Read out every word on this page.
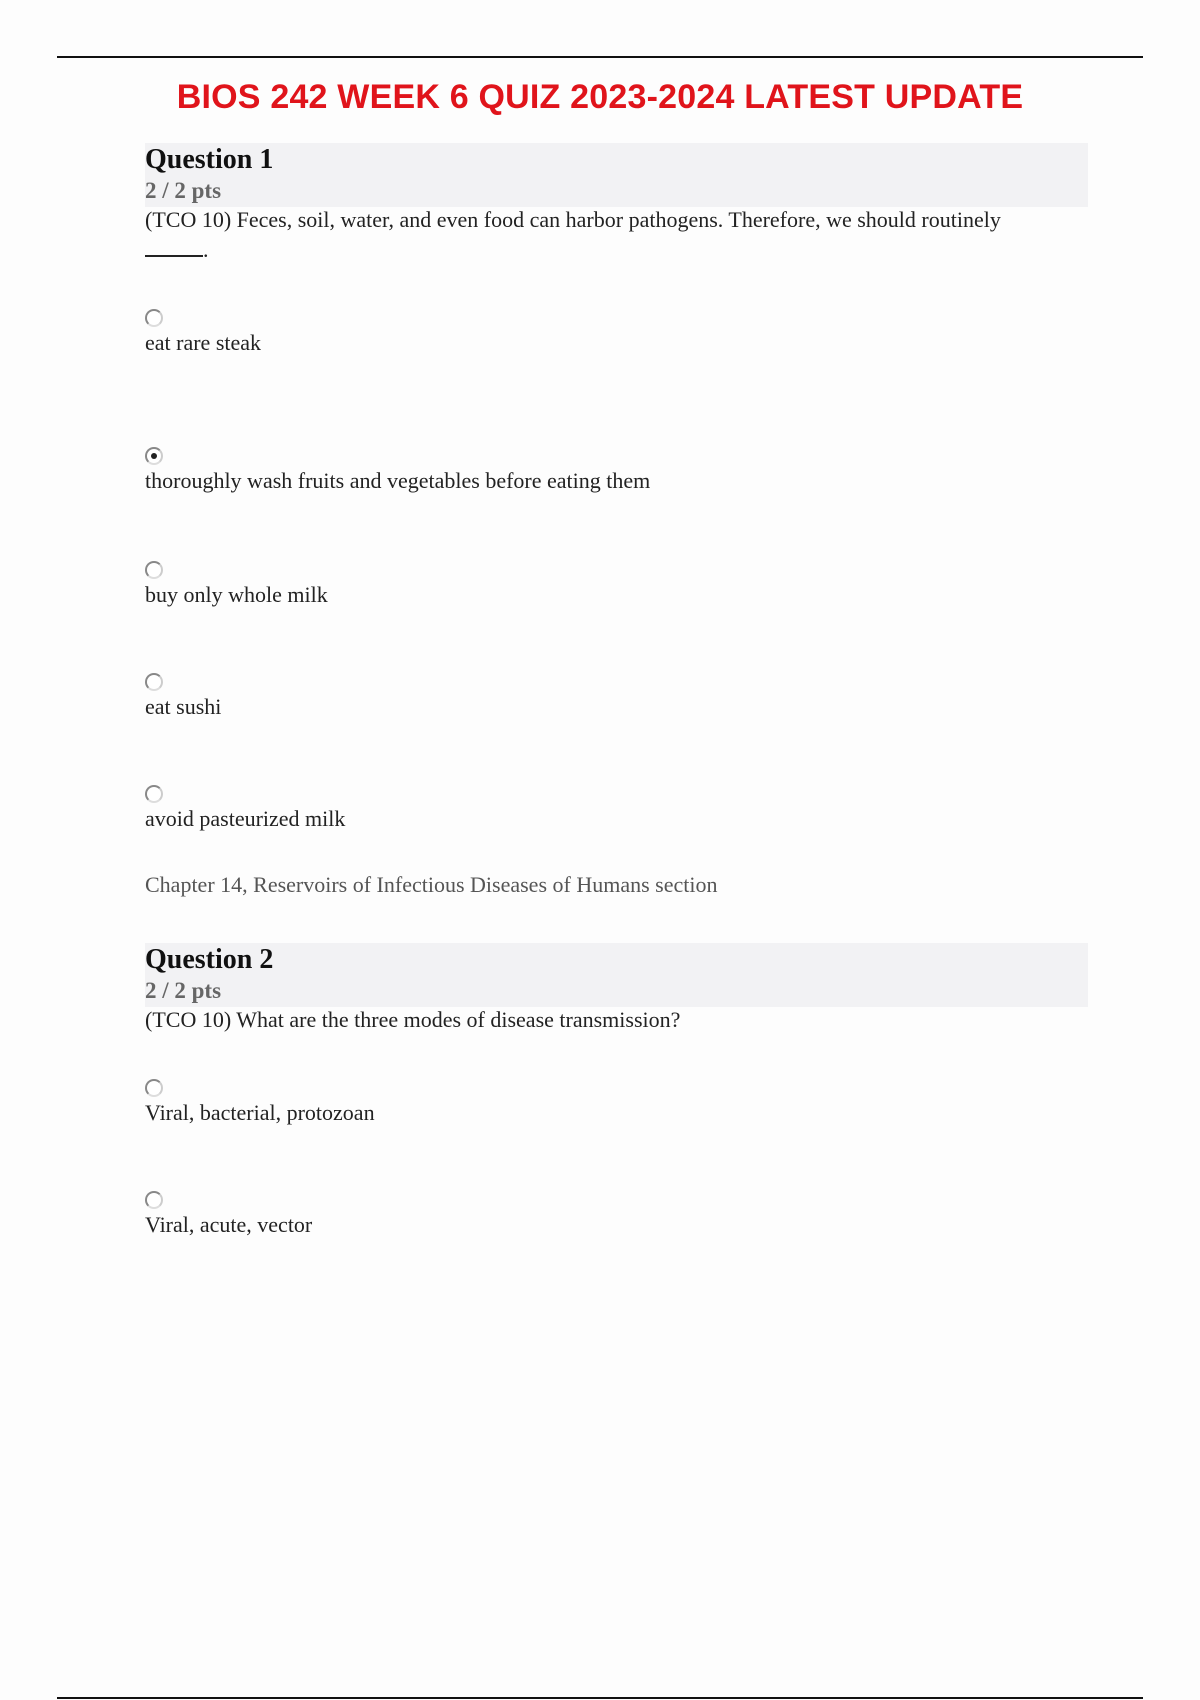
BIOS 242 WEEK 6 QUIZ 2023-2024 LATEST UPDATE
Question 1
2 / 2 pts
(TCO 10) Feces, soil, water, and even food can harbor pathogens. Therefore, we should routinely
.
eat rare steak
thoroughly wash fruits and vegetables before eating them
buy only whole milk
eat sushi
avoid pasteurized milk
Chapter 14, Reservoirs of Infectious Diseases of Humans section
Question 2
2 / 2 pts
(TCO 10) What are the three modes of disease transmission?
Viral, bacterial, protozoan
Viral, acute, vector
